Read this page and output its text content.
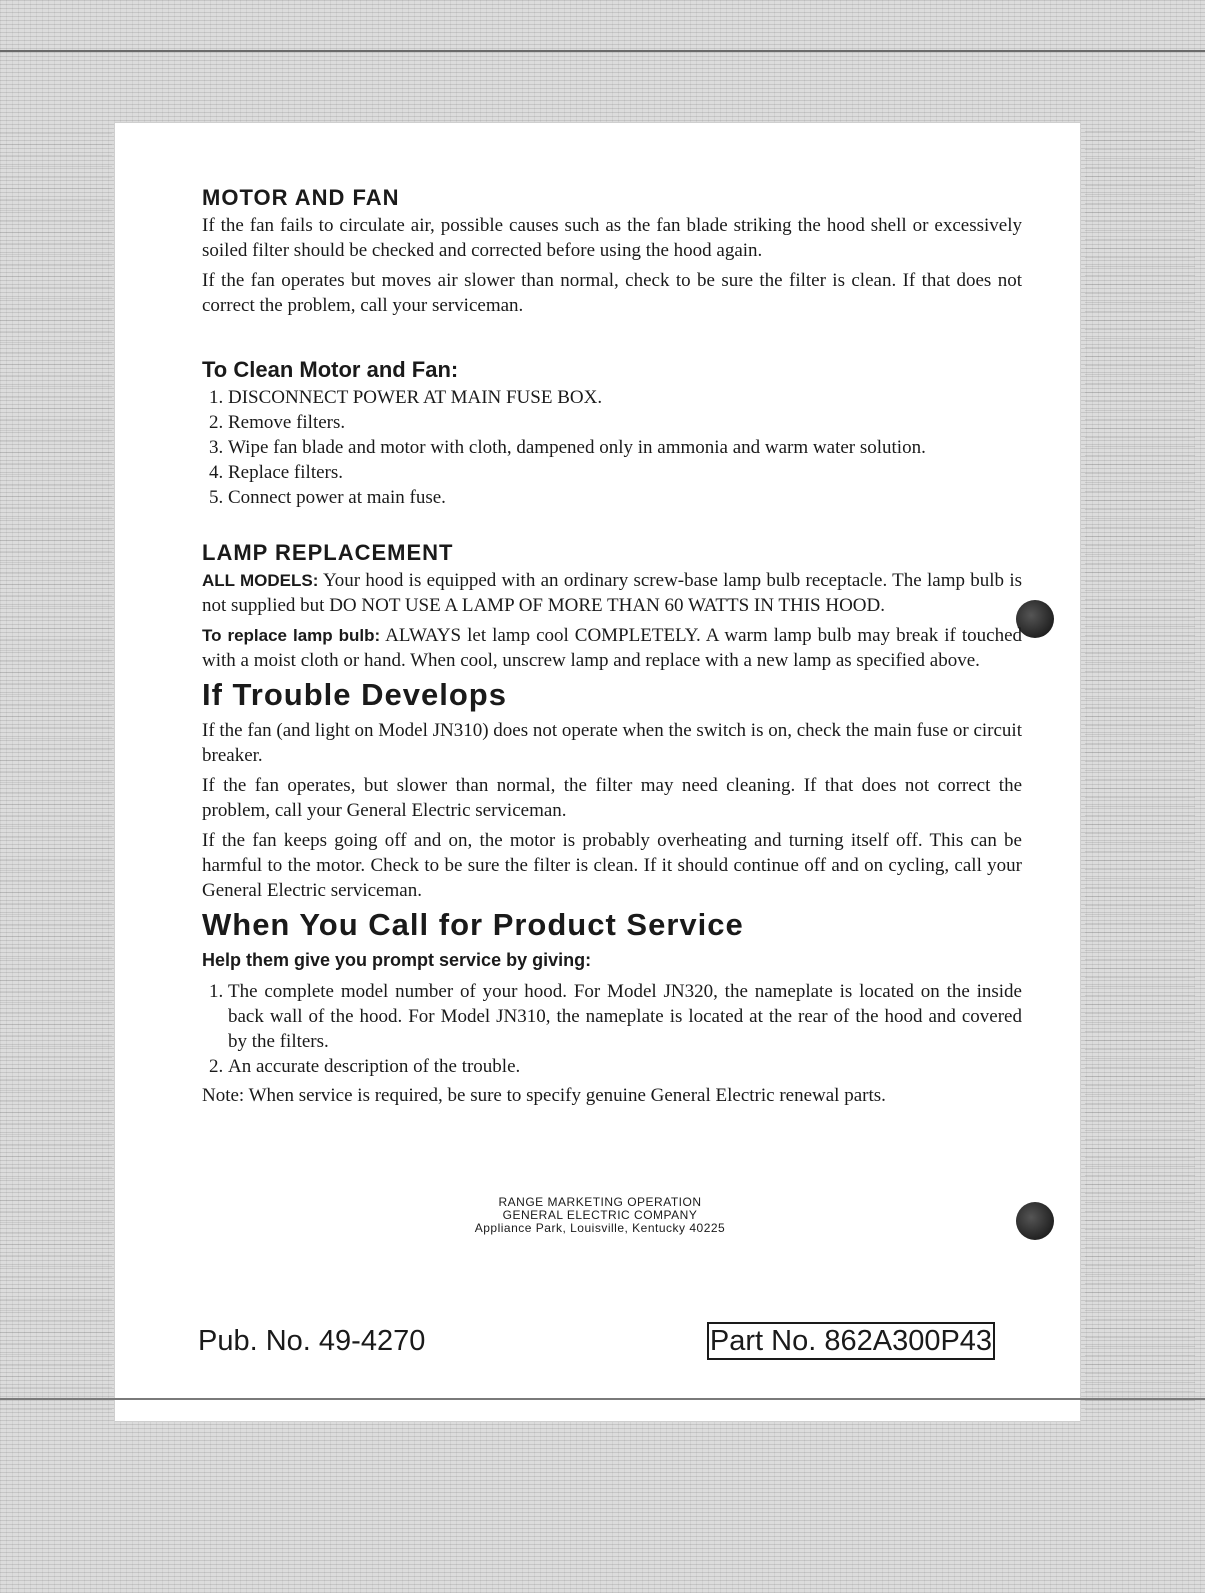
MOTOR AND FAN

If the fan fails to circulate air, possible causes such as the fan blade striking the hood shell or excessively soiled filter should be checked and corrected before using the hood again.

If the fan operates but moves air slower than normal, check to be sure the filter is clean. If that does not correct the problem, call your serviceman.

To Clean Motor and Fan:
1. DISCONNECT POWER AT MAIN FUSE BOX.
2. Remove filters.
3. Wipe fan blade and motor with cloth, dampened only in ammonia and warm water solution.
4. Replace filters.
5. Connect power at main fuse.
LAMP REPLACEMENT

ALL MODELS: Your hood is equipped with an ordinary screw-base lamp bulb receptacle. The lamp bulb is not supplied but DO NOT USE A LAMP OF MORE THAN 60 WATTS IN THIS HOOD.

To replace lamp bulb: ALWAYS let lamp cool COMPLETELY. A warm lamp bulb may break if touched with a moist cloth or hand. When cool, unscrew lamp and replace with a new lamp as specified above.

If Trouble Develops

If the fan (and light on Model JN310) does not operate when the switch is on, check the main fuse or circuit breaker.

If the fan operates, but slower than normal, the filter may need cleaning. If that does not correct the problem, call your General Electric serviceman.

If the fan keeps going off and on, the motor is probably overheating and turning itself off. This can be harmful to the motor. Check to be sure the filter is clean. If it should continue off and on cycling, call your General Electric serviceman.

When You Call for Product Service
Help them give you prompt service by giving:
1. The complete model number of your hood. For Model JN320, the nameplate is located on the inside back wall of the hood. For Model JN310, the nameplate is located at the rear of the hood and covered by the filters.
2. An accurate description of the trouble.

Note: When service is required, be sure to specify genuine General Electric renewal parts.

RANGE MARKETING OPERATION
GENERAL ELECTRIC COMPANY
Appliance Park, Louisville, Kentucky 40225
Pub. No. 49-4270	Part No. 862A300P43
